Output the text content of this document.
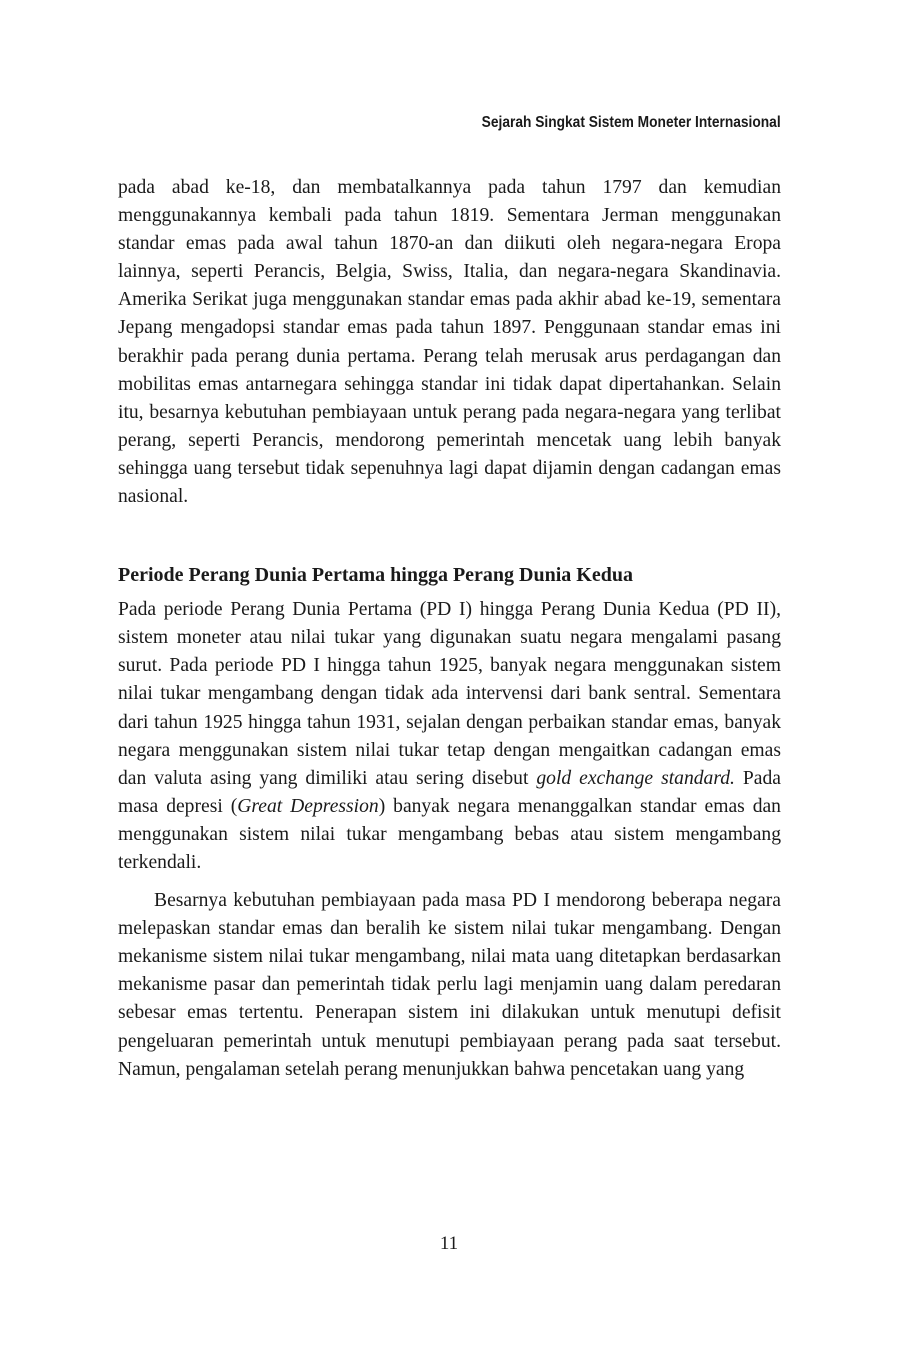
Sejarah Singkat Sistem Moneter Internasional

pada abad ke-18, dan membatalkannya pada tahun 1797 dan kemudian menggunakannya kembali pada tahun 1819. Sementara Jerman menggunakan standar emas pada awal tahun 1870-an dan diikuti oleh negara-negara Eropa lainnya, seperti Perancis, Belgia, Swiss, Italia, dan negara-negara Skandinavia. Amerika Serikat juga menggunakan standar emas pada akhir abad ke-19, sementara Jepang mengadopsi standar emas pada tahun 1897. Penggunaan standar emas ini berakhir pada perang dunia pertama. Perang telah merusak arus perdagangan dan mobilitas emas antarnegara sehingga standar ini tidak dapat dipertahankan. Selain itu, besarnya kebutuhan pembiayaan untuk perang pada negara-negara yang terlibat perang, seperti Perancis, mendorong pemerintah mencetak uang lebih banyak sehingga uang tersebut tidak sepenuhnya lagi dapat dijamin dengan cadangan emas nasional.

Periode Perang Dunia Pertama hingga Perang Dunia Kedua

Pada periode Perang Dunia Pertama (PD I) hingga Perang Dunia Kedua (PD II), sistem moneter atau nilai tukar yang digunakan suatu negara mengalami pasang surut. Pada periode PD I hingga tahun 1925, banyak negara menggunakan sistem nilai tukar mengambang dengan tidak ada intervensi dari bank sentral. Sementara dari tahun 1925 hingga tahun 1931, sejalan dengan perbaikan standar emas, banyak negara menggunakan sistem nilai tukar tetap dengan mengaitkan cadangan emas dan valuta asing yang dimiliki atau sering disebut gold exchange standard. Pada masa depresi (Great Depression) banyak negara menanggalkan standar emas dan menggunakan sistem nilai tukar mengambang bebas atau sistem mengambang terkendali.

Besarnya kebutuhan pembiayaan pada masa PD I mendorong beberapa negara melepaskan standar emas dan beralih ke sistem nilai tukar mengambang. Dengan mekanisme sistem nilai tukar mengambang, nilai mata uang ditetapkan berdasarkan mekanisme pasar dan pemerintah tidak perlu lagi menjamin uang dalam peredaran sebesar emas tertentu. Penerapan sistem ini dilakukan untuk menutupi defisit pengeluaran pemerintah untuk menutupi pembiayaan perang pada saat tersebut. Namun, pengalaman setelah perang menunjukkan bahwa pencetakan uang yang

11
